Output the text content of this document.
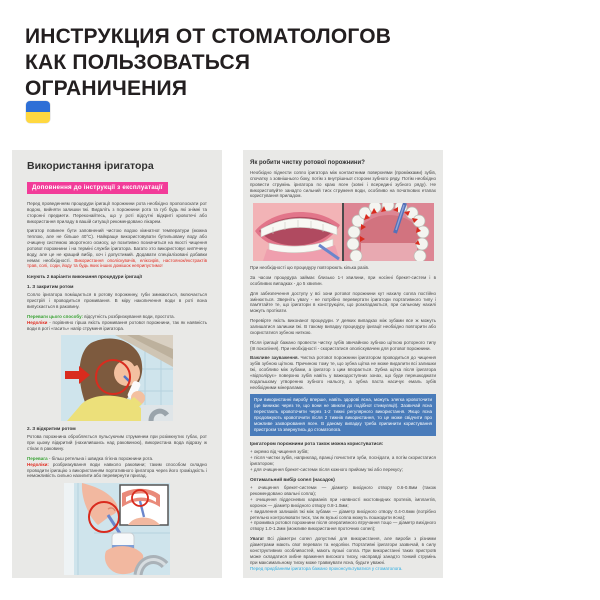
ИНСТРУКЦИЯ ОТ СТОМАТОЛОГОВ
КАК ПОЛЬЗОВАТЬСЯ
ОГРАНИЧЕНИЯ
Використання іригатора
Доповнення до інструкції з експлуатації

Перед проведенням процедури іригації порожнини рота необхідно прополоскати рот водою, вийняти залишки їжі. Видаліть з порожнини рота та губ будь які знімні та сторонні предмети. Переконайтесь, що у роті відсутні відкриті кровотечі або використання приладу в вашій ситуації рекомендовано лікарем.

Іригатор повинен бути заповнений чистою водою кімнатної температури (можна теплою, але не більше 40°С). Найкраще використовувати бутильовану воду або очищену системою зворотного осмосу, це позитивно позначиться на якості чищення ротової порожнини і на терміні служби іригатора. Багато хто використовує кип'ячену воду, але це не кращий вибір, хоч і допустимий. Додавати спеціалізовані добавки немає необхідності. Використання ополіскувачів, еліксирів, настоянок/екстрактів трав, солі, соди, йоду та будь яких інших домішок неприпустимо!

Існують 2 варіанти виконання процедури іригації
1. З закритим ротом

Сопло іригатора поміщається в ротову порожнину, губи змикаються, включається пристрій і проводиться промивання. В міру накопичення води в роті вона випускається в раковину.

Переваги цього способу: відсутність розбризкування води, простота.

Недоліки - порівняно гірша якість промивання ротової порожнини, так як наявність води в роті «гасить» напір струменя іригатора.

2. З відкритим ротом

Ротова порожнина обробляється пульсуючим струменем при розімкнутих губах, рот при цьому відкритий (нахилившись над раковиною), використана вода відразу ж стікає в раковину.

Перевага - більш ретельна і швидка гігієна порожнини рота.

Недоліки: розбризкування води навколо раковини; таким способом складно проводити іригацію з використанням портативного іригатора через його громіздкість і неможливість сильно нахилити або перевернути прилад.

Як робити чистку ротової порожнини?

Необхідно піднести сопло іригатора між контактними поверхнями (проміжками) зубів, спочатку з зовнішнього боку, потім з внутрішньої сторони зубного ряду. Потім необхідно провести струмінь іригатора по краю ясен (зовні і всередині зубного ряду). Не використовуйте занадто сильний тиск струменя води, особливо на початкових етапах користування приладом.

При необхідності цю процедуру повторюють кілька разів.

За часом процедура займає близько 1-ї хвилини, при носінні брекет-систем і в особливих випадках - до 5 хвилин.

Для забезпечення доступу у всі зони ротової порожнини кут нахилу сопла постійно змінюється. Зверніть увагу - не потрібно перевертати іригатори портативного типу і пам'ятайте те, що іригатори в конструкціях, що розкладаються, при сильному нахилі можуть протікати.

Перевірте якість виконаної процедури. У деяких випадках між зубами все ж можуть залишатися залишки їжі. В такому випадку процедуру іригації необхідно повторити або скористатися зубною ниткою.

Після іригації бажано провести чистку зубів звичайною зубною щіткою роторного типу (ІІІ покоління). При необхідності - скористатися ополіскувачем для ротової порожнини.

Важливе зауваження. Чистка ротової порожнини іригатором проводиться до чищення зубів зубною щіткою. Причиною тому те, що зубна щітка не може видалити всі залишки їжі, особливо між зубами, а іригатор з цим впорається. Зубна щітка після іригатора «відполірує» поверхню зубів навіть у важкодоступних зонах, що буде перешкоджати подальшому утворенню зубного нальоту, а зубна паста насичує емаль зубів необхідними мінералами.

При використанні виробу вперше, навіть здорові ясна, можуть злегка кровоточити (це виникає через те, що вони не звикли до подібної стимуляції). Зазвичай ясна перестають кровоточити через 1-2 тижні регулярного використання. Якщо ясна продовжують кровоточити після 2 тижнів використання, то це може свідчити про можливе захворювання ясен. В даному випадку треба припинити користування пристроєм та звернутись до стоматолога.
Іригатором порожнини рота також можна користуватися:
+ окремо від чищення зубів;
+ після чистки зубів, наприклад, вранці почистити зуби, поснідати, а потім скористатися іригатором;
+ для очищення брекет-системи після кожного прийому їжі або перекусу;
Оптимальний вибір сопел (насадок)
+ очищення брекет-системи — діаметр вихідного отвору 0.6-0.8мм (також рекомендовано овальні сопла);
+ очищення піддесневих карманів при наявності мостовидних протезів, імплантів, коронок — діаметр вихідного отвору 0.8-1.0мм;
+ видалення залишків їжі між зубами — діаметр вихідного отвору 0.4-0.6мм (потрібно ретельно контролювати тиск, так як вузькі сопла можуть пошкодити ясна);
+ промивка ротової порожнини після оперативного втручання тощо — діаметр вихідного отвору 1.0-1.2мм (можливе використання проточних сопел);

Увага! Всі діаметри сопел допустимі для використання, але вироби з різними діаметрами мають свої переваги та недоліки. Портативні іригатори зазвичай, в силу конструктивних особливостей, мають вузькі сопла. При використанні таких пристроїв може складатися хибне враження високого тиску, насправді занадто тонкий струмінь при максимальному тиску може травмувати ясна, будьте уважні.

Перед придбанням іригатора бажано проконсультуватися у стоматолога.
